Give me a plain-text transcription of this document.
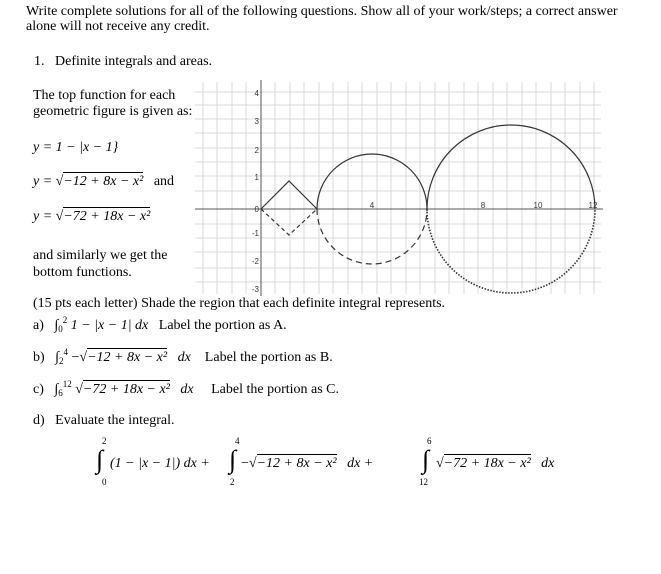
Write complete solutions for all of the following questions. Show all of your work/steps; a correct answer
alone will not receive any credit.
1. Definite integrals and areas.
The top function for each
geometric figure is given as:
y = 1 − |x − 1}
y = √−12 + 8x − x² and
y = √−72 + 18x − x²
and similarly we get the
bottom functions.
4
3
2
1
0
-1
-2
-3
4	8	10	12
(15 pts each letter) Shade the region that each definite integral represents.
a) $\int_0^2$ 1 − |x − 1| dx Label the portion as A.
b) $\int_2^4 -√-12 + 8x - x^2$ dx Label the portion as B.
c) $\int_6^{12}$ √−72 + 18x − x² dx Label the portion as C.
d) Evaluate the integral.
2
∫
0
(1 − |x − 1|) dx +
4
∫
2
−√−12 + 8x − x² dx +
6
∫
12
√−72 + 18x − x² dx
